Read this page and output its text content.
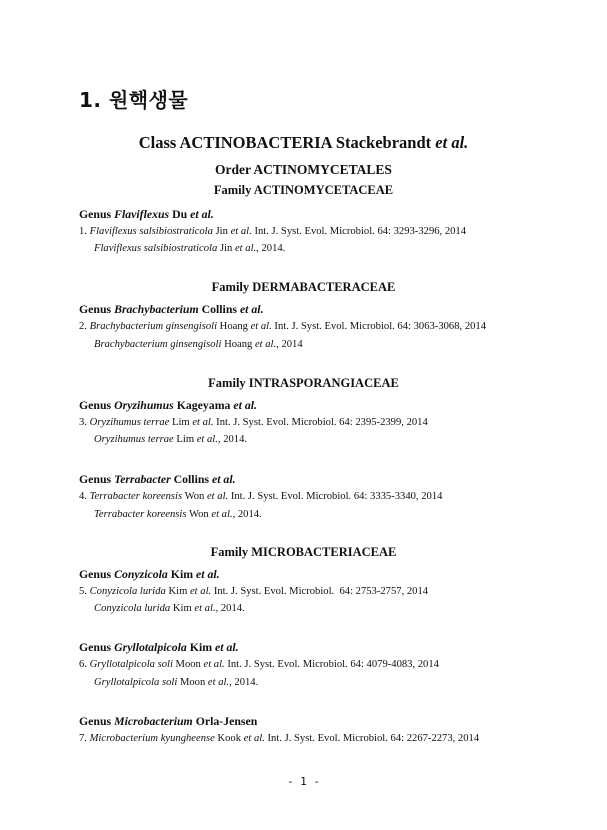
1. 원핵생물
Class ACTINOBACTERIA Stackebrandt et al.
Order ACTINOMYCETALES
Family ACTINOMYCETACEAE
Genus Flaviflexus Du et al.
1. Flaviflexus salsibiostraticola Jin et al. Int. J. Syst. Evol. Microbiol. 64: 3293-3296, 2014
Flaviflexus salsibiostraticola Jin et al., 2014.
Family DERMABACTERACEAE
Genus Brachybacterium Collins et al.
2. Brachybacterium ginsengisoli Hoang et al. Int. J. Syst. Evol. Microbiol. 64: 3063-3068, 2014
Brachybacterium ginsengisoli Hoang et al., 2014
Family INTRASPORANGIACEAE
Genus Oryzihumus Kageyama et al.
3. Oryzihumus terrae Lim et al. Int. J. Syst. Evol. Microbiol. 64: 2395-2399, 2014
Oryzihumus terrae Lim et al., 2014.
Genus Terrabacter Collins et al.
4. Terrabacter koreensis Won et al. Int. J. Syst. Evol. Microbiol. 64: 3335-3340, 2014
Terrabacter koreensis Won et al., 2014.
Family MICROBACTERIACEAE
Genus Conyzicola Kim et al.
5. Conyzicola lurida Kim et al. Int. J. Syst. Evol. Microbiol.  64: 2753-2757, 2014
Conyzicola lurida Kim et al., 2014.
Genus Gryllotalpicola Kim et al.
6. Gryllotalpicola soli Moon et al. Int. J. Syst. Evol. Microbiol. 64: 4079-4083, 2014
Gryllotalpicola soli Moon et al., 2014.
Genus Microbacterium Orla-Jensen
7. Microbacterium kyungheense Kook et al. Int. J. Syst. Evol. Microbiol. 64: 2267-2273, 2014
- 1 -
